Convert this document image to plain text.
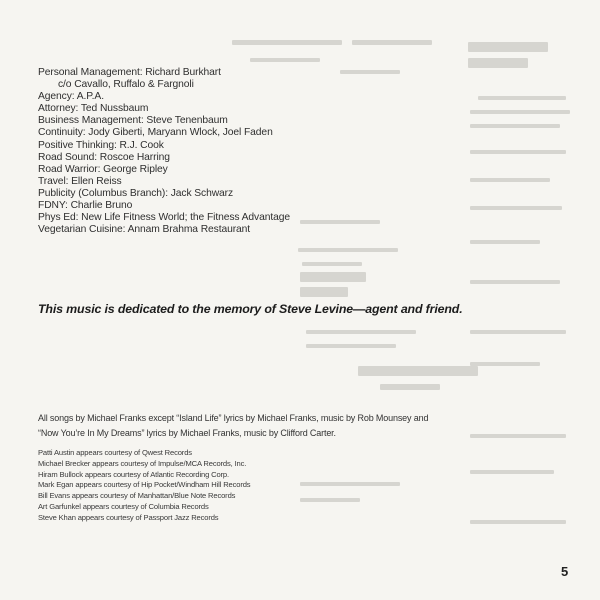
Personal Management: Richard Burkhart
c/o Cavallo, Ruffalo & Fargnoli
Agency: A.P.A.
Attorney: Ted Nussbaum
Business Management: Steve Tenenbaum
Continuity: Jody Giberti, Maryann Wlock, Joel Faden
Positive Thinking: R.J. Cook
Road Sound: Roscoe Harring
Road Warrior: George Ripley
Travel: Ellen Reiss
Publicity (Columbus Branch): Jack Schwarz
FDNY: Charlie Bruno
Phys Ed: New Life Fitness World; the Fitness Advantage
Vegetarian Cuisine: Annam Brahma Restaurant

This music is dedicated to the memory of Steve Levine—agent and friend.

All songs by Michael Franks except “Island Life” lyrics by Michael Franks, music by Rob Mounsey and
“Now You’re In My Dreams” lyrics by Michael Franks, music by Clifford Carter.

Patti Austin appears courtesy of Qwest Records
Michael Brecker appears courtesy of Impulse/MCA Records, Inc.
Hiram Bullock appears courtesy of Atlantic Recording Corp.
Mark Egan appears courtesy of Hip Pocket/Windham Hill Records
Bill Evans appears courtesy of Manhattan/Blue Note Records
Art Garfunkel appears courtesy of Columbia Records
Steve Khan appears courtesy of Passport Jazz Records
5
